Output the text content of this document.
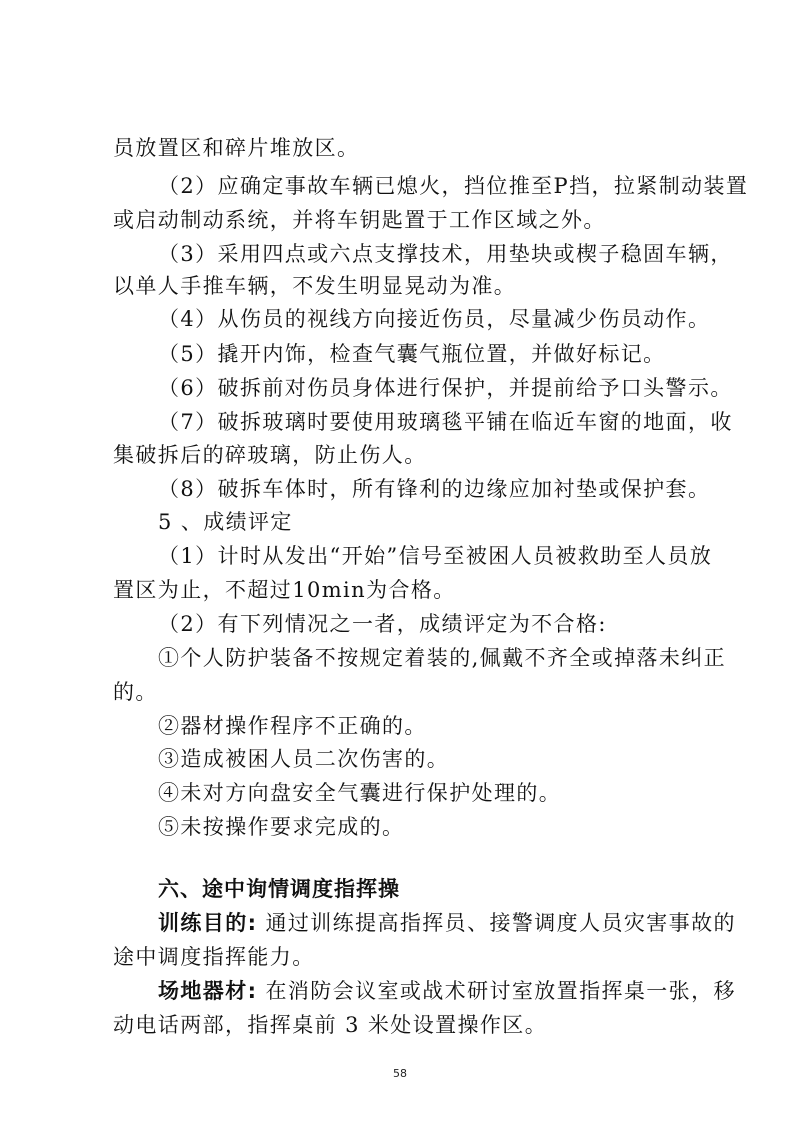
员放置区和碎片堆放区。
（2）应确定事故车辆已熄火，挡位推至P挡，拉紧制动装置
或启动制动系统，并将车钥匙置于工作区域之外。
（3）采用四点或六点支撑技术，用垫块或楔子稳固车辆，
以单人手推车辆，不发生明显晃动为准。
（4）从伤员的视线方向接近伤员，尽量减少伤员动作。
（5）撬开内饰，检查气囊气瓶位置，并做好标记。
（6）破拆前对伤员身体进行保护，并提前给予口头警示。
（7）破拆玻璃时要使用玻璃毯平铺在临近车窗的地面，收
集破拆后的碎玻璃，防止伤人。
（8）破拆车体时，所有锋利的边缘应加衬垫或保护套。
5 、成绩评定
（1）计时从发出“开始”信号至被困人员被救助至人员放
置区为止，不超过10min为合格。
（2）有下列情况之一者，成绩评定为不合格:
①个人防护装备不按规定着装的,佩戴不齐全或掉落未纠正
的。
②器材操作程序不正确的。
③造成被困人员二次伤害的。
④未对方向盘安全气囊进行保护处理的。
⑤未按操作要求完成的。
六、途中询情调度指挥操
训练目的: 通过训练提高指挥员、接警调度人员灾害事故的
途中调度指挥能力。
场地器材: 在消防会议室或战术研讨室放置指挥桌一张，移
动电话两部，指挥桌前 3 米处设置操作区。
58
